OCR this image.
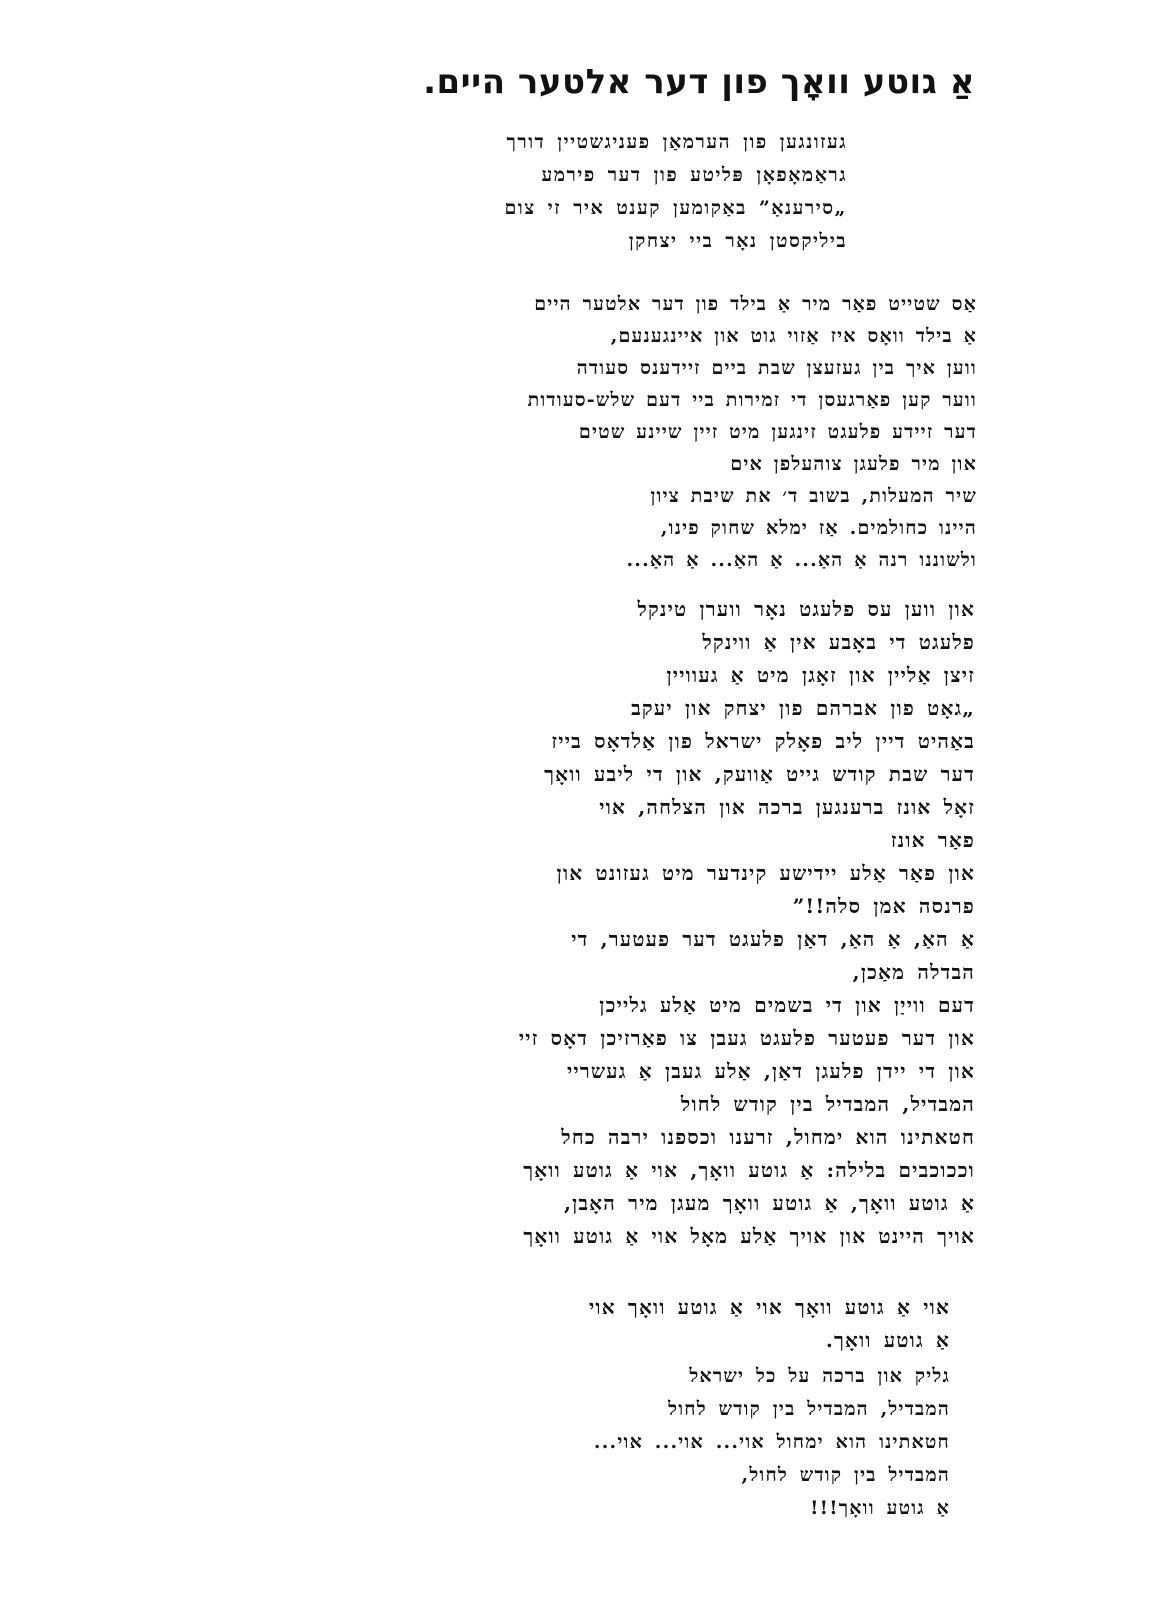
אַ גוטע וואָך פון דער אלטער היים.
געזונגען פון הערמאַן פעניגשטיין דורך
גראַמאָפאָן פּליטע פון דער פירמע
„סירענאַ” באַקומען קענט איר זי צום
ביליקסטן נאָר ביי יצחקן
אַס שטייט פאַר מיר אַ בילד פון דער אלטער היים
אַ בילד וואָס איז אַזוי גוט און איינגענעם,
ווען איך בין געזעצן שבת ביים זיידענס סעודה
ווער קען פאַרגעסן די זמירות ביי דעם שלש-סעודות
דער זיידע פלעגט זינגען מיט זיין שיינע שטים
און מיר פלעגן צוהעלפן אים
שיר המעלות, בשוב ד׳ את שיבת ציון
היינו כחולמים. אַז ימלא שחוק פינו,
ולשוננו רנה אַ האַ... אַ האַ... אַ האַ...
און ווען עס פלעגט נאָר ווערן טינקל
פלעגט די באָבע אין אַ ווינקל
זיצן אַליין און זאָגן מיט אַ געוויין
„גאָט פון אברהם פון יצחק און יעקב
באַהיט דיין ליב פאָלק ישראל פון אַלדאָס בייז
דער שבת קודש גייט אַוועק, און די ליבע וואָך
זאָל אונז ברענגען ברכה און הצלחה, אוי
פאַר אונז
און פאַר אַלע יידישע קינדער מיט געזונט און
פרנסה אמן סלה!!”
אַ האַ, אַ האַ, דאַן פלעגט דער פעטער, די
הבדלה מאַכן,
דעם ווייַן און די בשמים מיט אַלע גלייכן
און דער פעטער פלעגט געבן צו פאַרזיכן דאָס זיי
און די יידן פלעגן דאַן, אַלע געבן אַ געשריי
המבדיל, המבדיל בין קודש לחול
חטאתינו הוא ימחול, זרענו וכספנו ירבה כחל
וככוכבים בלילה: אַ גוטע וואָך, אוי אַ גוטע וואָך
אַ גוטע וואָך, אַ גוטע וואָך מעגן מיר האָבן,
אויך היינט און אויך אַלע מאָל אוי אַ גוטע וואָך
אוי אַ גוטע וואָך אוי אַ גוטע וואָך אוי
אַ גוטע וואָך.
גליק און ברכה על כל ישראל
המבדיל, המבדיל בין קודש לחול
חטאתינו הוא ימחול אוי... אוי... אוי...
המבדיל בין קודש לחול,
אַ גוטע וואָך!!!
